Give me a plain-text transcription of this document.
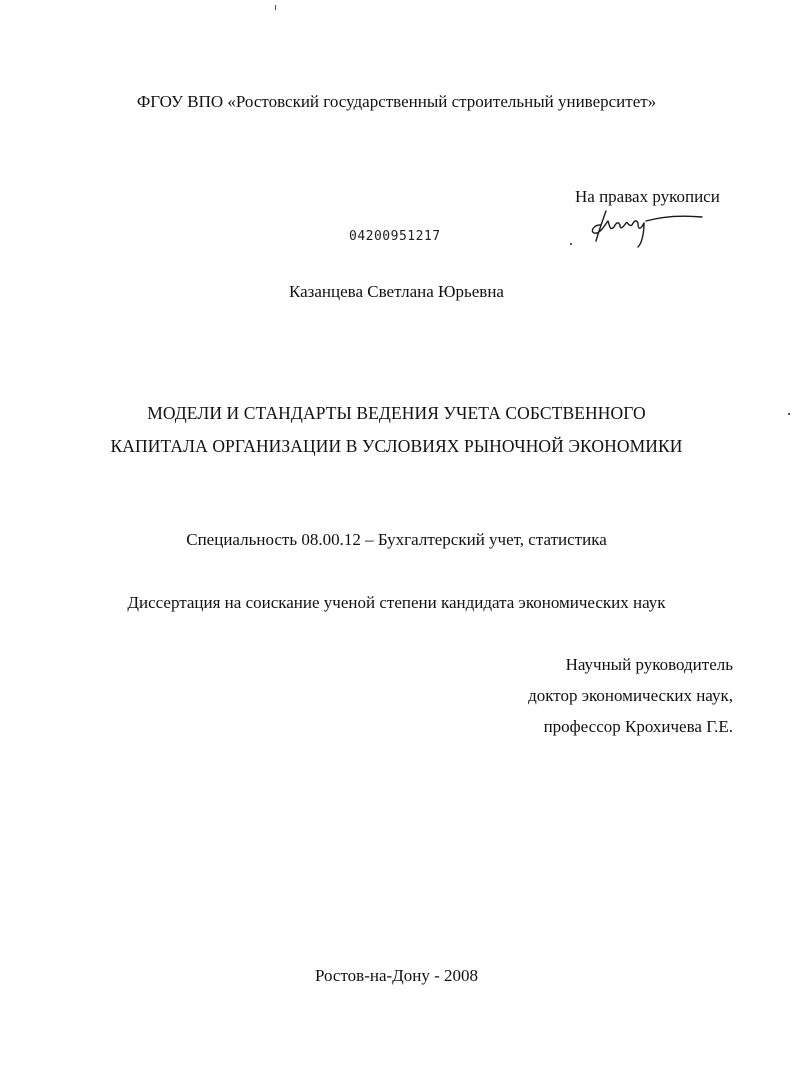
ФГОУ ВПО «Ростовский государственный строительный университет»
На правах рукописи
04200951217
Казанцева Светлана Юрьевна
МОДЕЛИ И СТАНДАРТЫ ВЕДЕНИЯ УЧЕТА СОБСТВЕННОГО
КАПИТАЛА ОРГАНИЗАЦИИ В УСЛОВИЯХ РЫНОЧНОЙ ЭКОНОМИКИ
Специальность 08.00.12 – Бухгалтерский учет, статистика
Диссертация на соискание ученой степени кандидата экономических наук
Научный руководитель
доктор экономических наук,
профессор Крохичева Г.Е.
Ростов-на-Дону - 2008
